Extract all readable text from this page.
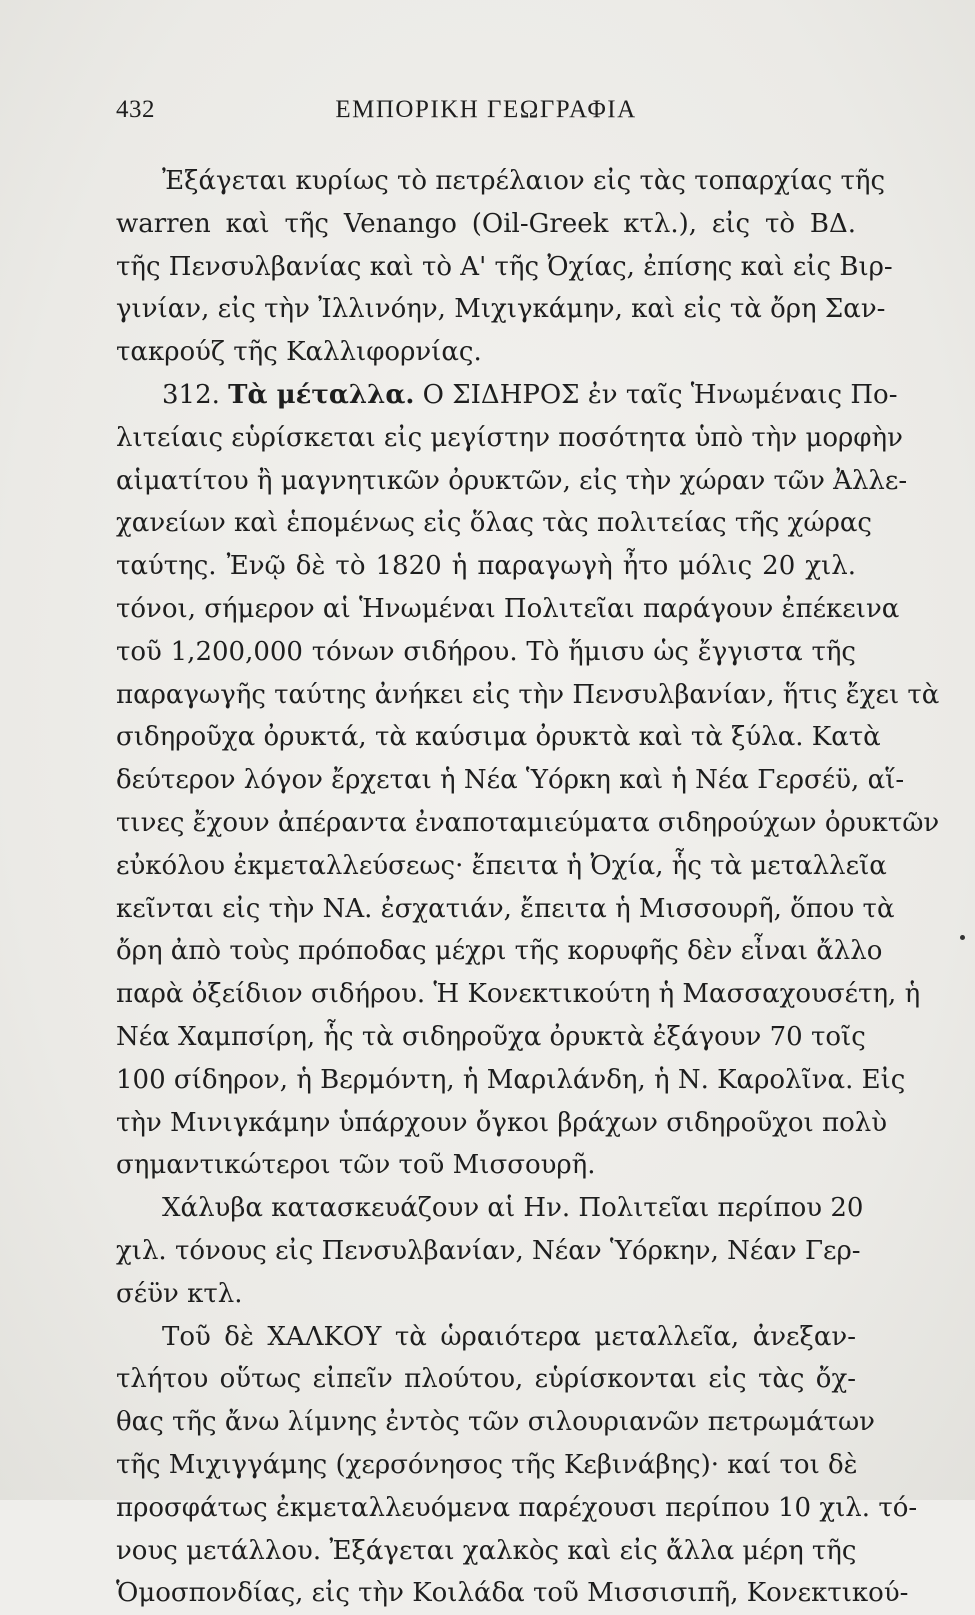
432	ΕΜΠΟΡΙΚΗ ΓΕΩΓΡΑΦΙΑ
Ἐξάγεται κυρίως τὸ πετρέλαιον εἰς τὰς τοπαρχίας τῆς
warren καὶ τῆς Venango (Oil-Greek κτλ.), εἰς τὸ ΒΔ.
τῆς Πενσυλβανίας καὶ τὸ Α' τῆς Ὀχίας, ἐπίσης καὶ εἰς Βιρ-
γινίαν, εἰς τὴν Ἰλλινόην, Μιχιγκάμην, καὶ εἰς τὰ ὄρη Σαν-
τακρούζ τῆς Καλλιφορνίας.
312. Τὰ μέταλλα. Ο ΣΙΔΗΡΟΣ ἐν ταῖς Ἡνωμέναις Πο-
λιτείαις εὑρίσκεται εἰς μεγίστην ποσότητα ὑπὸ τὴν μορφὴν
αἱματίτου ἢ μαγνητικῶν ὀρυκτῶν, εἰς τὴν χώραν τῶν Ἀλλε-
χανείων καὶ ἑπομένως εἰς ὅλας τὰς πολιτείας τῆς χώρας
ταύτης. Ἐνῷ δὲ τὸ 1820 ἡ παραγωγὴ ἦτο μόλις 20 χιλ.
τόνοι, σήμερον αἱ Ἡνωμέναι Πολιτεῖαι παράγουν ἐπέκεινα
τοῦ 1,200,000 τόνων σιδήρου. Τὸ ἥμισυ ὡς ἔγγιστα τῆς
παραγωγῆς ταύτης ἀνήκει εἰς τὴν Πενσυλβανίαν, ἥτις ἔχει τὰ
σιδηροῦχα ὀρυκτά, τὰ καύσιμα ὀρυκτὰ καὶ τὰ ξύλα. Κατὰ
δεύτερον λόγον ἔρχεται ἡ Νέα Ὑόρκη καὶ ἡ Νέα Γερσέϋ, αἵ-
τινες ἔχουν ἀπέραντα ἐναποταμιεύματα σιδηρούχων ὀρυκτῶν
εὐκόλου ἐκμεταλλεύσεως· ἔπειτα ἡ Ὀχία, ἧς τὰ μεταλλεῖα
κεῖνται εἰς τὴν ΝΑ. ἐσχατιάν, ἔπειτα ἡ Μισσουρῆ, ὅπου τὰ
ὄρη ἀπὸ τοὺς πρόποδας μέχρι τῆς κορυφῆς δὲν εἶναι ἄλλο
παρὰ ὀξείδιον σιδήρου. Ἡ Κονεκτικούτη ἡ Μασσαχουσέτη, ἡ
Νέα Χαμπσίρη, ἧς τὰ σιδηροῦχα ὀρυκτὰ ἐξάγουν 70 τοῖς
100 σίδηρον, ἡ Βερμόντη, ἡ Μαριλάνδη, ἡ Ν. Καρολῖνα. Εἰς
τὴν Μινιγκάμην ὑπάρχουν ὄγκοι βράχων σιδηροῦχοι πολὺ
σημαντικώτεροι τῶν τοῦ Μισσουρῆ.
Χάλυβα κατασκευάζουν αἱ Ην. Πολιτεῖαι περίπου 20
χιλ. τόνους εἰς Πενσυλβανίαν, Νέαν Ὑόρκην, Νέαν Γερ-
σέϋν κτλ.
Τοῦ δὲ ΧΑΛΚΟΥ τὰ ὡραιότερα μεταλλεῖα, ἀνεξαν-
τλήτου οὕτως εἰπεῖν πλούτου, εὑρίσκονται εἰς τὰς ὄχ-
θας τῆς ἄνω λίμνης ἐντὸς τῶν σιλουριανῶν πετρωμάτων
τῆς Μιχιγγάμης (χερσόνησος τῆς Κεβινάβης)· καί τοι δὲ
προσφάτως ἐκμεταλλευόμενα παρέχουσι περίπου 10 χιλ. τό-
νους μετάλλου. Ἐξάγεται χαλκὸς καὶ εἰς ἄλλα μέρη τῆς
Ὁμοσπονδίας, εἰς τὴν Κοιλάδα τοῦ Μισσισιπῆ, Κονεκτικού-
